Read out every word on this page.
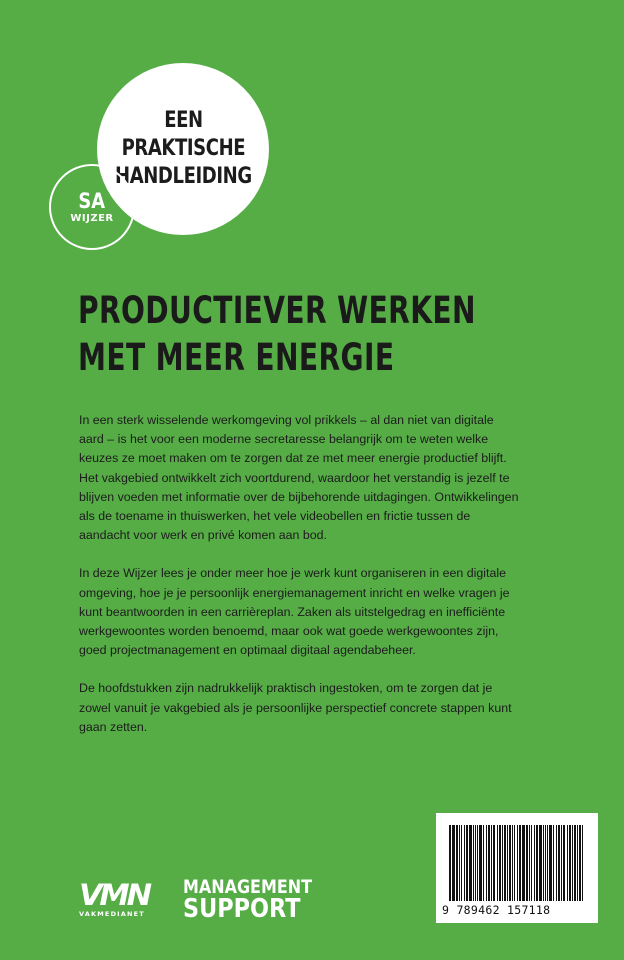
EEN
PRAKTISCHE
HANDLEIDING
SA
WIJZER
PRODUCTIEVER WERKEN
MET MEER ENERGIE

In een sterk wisselende werkomgeving vol prikkels – al dan niet van digitale aard – is het voor een moderne secretaresse belangrijk om te weten welke keuzes ze moet maken om te zorgen dat ze met meer energie productief blijft. Het vakgebied ontwikkelt zich voortdurend, waardoor het verstandig is jezelf te blijven voeden met informatie over de bijbehorende uitdagingen. Ontwikkelingen als de toename in thuiswerken, het vele videobellen en frictie tussen de aandacht voor werk en privé komen aan bod.

In deze Wijzer lees je onder meer hoe je werk kunt organiseren in een digitale omgeving, hoe je je persoonlijk energiemanagement inricht en welke vragen je kunt beantwoorden in een carrièreplan. Zaken als uitstelgedrag en inefficiënte werkgewoontes worden benoemd, maar ook wat goede werkgewoontes zijn, goed projectmanagement en optimaal digitaal agendabeheer.

De hoofdstukken zijn nadrukkelijk praktisch ingestoken, om te zorgen dat je zowel vanuit je vakgebied als je persoonlijke perspectief concrete stappen kunt gaan zetten.

9 789462 157118
VMN
VAKMEDIANET
MANAGEMENT
SUPPORT
